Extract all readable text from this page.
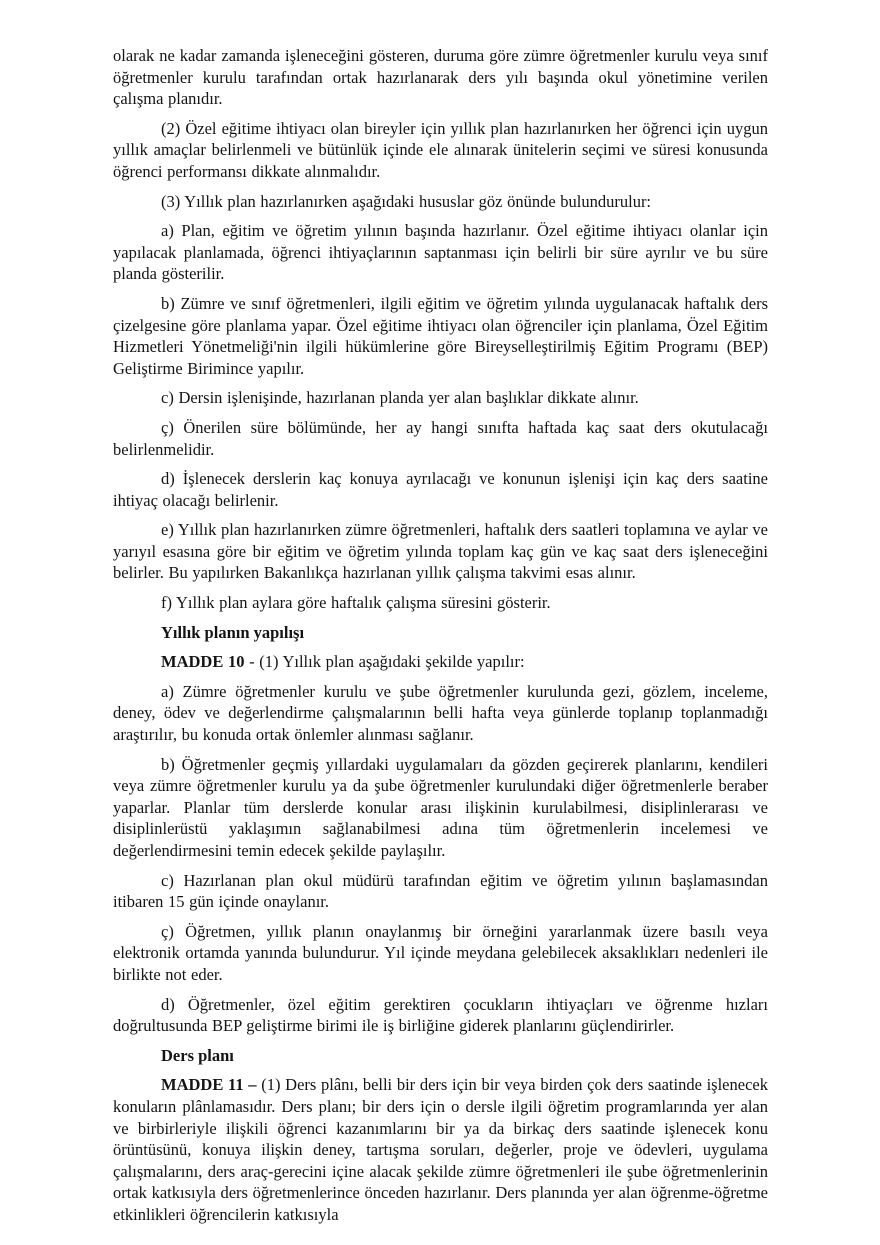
olarak ne kadar zamanda işleneceğini gösteren, duruma göre zümre öğretmenler kurulu veya sınıf öğretmenler kurulu tarafından ortak hazırlanarak ders yılı başında okul yönetimine verilen çalışma planıdır.

(2) Özel eğitime ihtiyacı olan bireyler için yıllık plan hazırlanırken her öğrenci için uygun yıllık amaçlar belirlenmeli ve bütünlük içinde ele alınarak ünitelerin seçimi ve süresi konusunda öğrenci performansı dikkate alınmalıdır.

(3) Yıllık plan hazırlanırken aşağıdaki hususlar göz önünde bulundurulur:

a) Plan, eğitim ve öğretim yılının başında hazırlanır. Özel eğitime ihtiyacı olanlar için yapılacak planlamada, öğrenci ihtiyaçlarının saptanması için belirli bir süre ayrılır ve bu süre planda gösterilir.

b) Zümre ve sınıf öğretmenleri, ilgili eğitim ve öğretim yılında uygulanacak haftalık ders çizelgesine göre planlama yapar. Özel eğitime ihtiyacı olan öğrenciler için planlama, Özel Eğitim Hizmetleri Yönetmeliği'nin ilgili hükümlerine göre Bireyselleştirilmiş Eğitim Programı (BEP) Geliştirme Birimince yapılır.

c) Dersin işlenişinde, hazırlanan planda yer alan başlıklar dikkate alınır.

ç) Önerilen süre bölümünde, her ay hangi sınıfta haftada kaç saat ders okutulacağı belirlenmelidir.

d) İşlenecek derslerin kaç konuya ayrılacağı ve konunun işlenişi için kaç ders saatine ihtiyaç olacağı belirlenir.

e) Yıllık plan hazırlanırken zümre öğretmenleri, haftalık ders saatleri toplamına ve aylar ve yarıyıl esasına göre bir eğitim ve öğretim yılında toplam kaç gün ve kaç saat ders işleneceğini belirler. Bu yapılırken Bakanlıkça hazırlanan yıllık çalışma takvimi esas alınır.

f) Yıllık plan aylara göre haftalık çalışma süresini gösterir.

Yıllık planın yapılışı

MADDE 10 - (1) Yıllık plan aşağıdaki şekilde yapılır:

a) Zümre öğretmenler kurulu ve şube öğretmenler kurulunda gezi, gözlem, inceleme, deney, ödev ve değerlendirme çalışmalarının belli hafta veya günlerde toplanıp toplanmadığı araştırılır, bu konuda ortak önlemler alınması sağlanır.

b) Öğretmenler geçmiş yıllardaki uygulamaları da gözden geçirerek planlarını, kendileri veya zümre öğretmenler kurulu ya da şube öğretmenler kurulundaki diğer öğretmenlerle beraber yaparlar. Planlar tüm derslerde konular arası ilişkinin kurulabilmesi, disiplinlerarası ve disiplinlerüstü yaklaşımın sağlanabilmesi adına tüm öğretmenlerin incelemesi ve değerlendirmesini temin edecek şekilde paylaşılır.

c) Hazırlanan plan okul müdürü tarafından eğitim ve öğretim yılının başlamasından itibaren 15 gün içinde onaylanır.

ç) Öğretmen, yıllık planın onaylanmış bir örneğini yararlanmak üzere basılı veya elektronik ortamda yanında bulundurur. Yıl içinde meydana gelebilecek aksaklıkları nedenleri ile birlikte not eder.

d) Öğretmenler, özel eğitim gerektiren çocukların ihtiyaçları ve öğrenme hızları doğrultusunda BEP geliştirme birimi ile iş birliğine giderek planlarını güçlendirirler.

Ders planı

MADDE 11 – (1) Ders plânı, belli bir ders için bir veya birden çok ders saatinde işlenecek konuların plânlamasıdır. Ders planı; bir ders için o dersle ilgili öğretim programlarında yer alan ve birbirleriyle ilişkili öğrenci kazanımlarını bir ya da birkaç ders saatinde işlenecek konu örüntüsünü, konuya ilişkin deney, tartışma soruları, değerler, proje ve ödevleri, uygulama çalışmalarını, ders araç-gerecini içine alacak şekilde zümre öğretmenleri ile şube öğretmenlerinin ortak katkısıyla ders öğretmenlerince önceden hazırlanır. Ders planında yer alan öğrenme-öğretme etkinlikleri öğrencilerin katkısıyla
